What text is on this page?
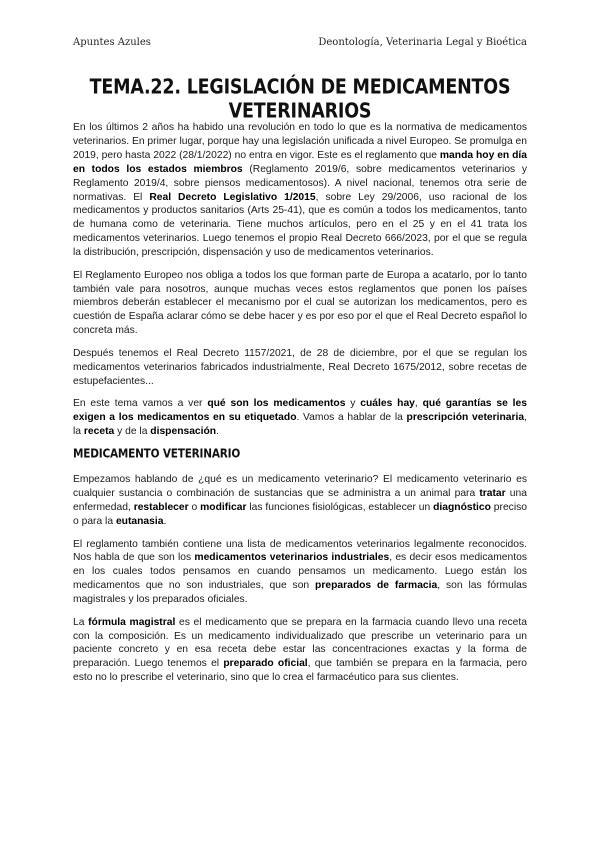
Apuntes Azules	Deontología, Veterinaria Legal y Bioética
TEMA.22. LEGISLACIÓN DE MEDICAMENTOS VETERINARIOS

En los últimos 2 años ha habido una revolución en todo lo que es la normativa de medicamentos veterinarios. En primer lugar, porque hay una legislación unificada a nivel Europeo. Se promulga en 2019, pero hasta 2022 (28/1/2022) no entra en vigor. Este es el reglamento que manda hoy en día en todos los estados miembros (Reglamento 2019/6, sobre medicamentos veterinarios y Reglamento 2019/4, sobre piensos medicamentosos). A nivel nacional, tenemos otra serie de normativas. El Real Decreto Legislativo 1/2015, sobre Ley 29/2006, uso racional de los medicamentos y productos sanitarios (Arts 25-41), que es común a todos los medicamentos, tanto de humana como de veterinaria. Tiene muchos artículos, pero en el 25 y en el 41 trata los medicamentos veterinarios. Luego tenemos el propio Real Decreto 666/2023, por el que se regula la distribución, prescripción, dispensación y uso de medicamentos veterinarios.

El Reglamento Europeo nos obliga a todos los que forman parte de Europa a acatarlo, por lo tanto también vale para nosotros, aunque muchas veces estos reglamentos que ponen los países miembros deberán establecer el mecanismo por el cual se autorizan los medicamentos, pero es cuestión de España aclarar cómo se debe hacer y es por eso por el que el Real Decreto español lo concreta más.

Después tenemos el Real Decreto 1157/2021, de 28 de diciembre, por el que se regulan los medicamentos veterinarios fabricados industrialmente, Real Decreto 1675/2012, sobre recetas de estupefacientes...

En este tema vamos a ver qué son los medicamentos y cuáles hay, qué garantías se les exigen a los medicamentos en su etiquetado. Vamos a hablar de la prescripción veterinaria, la receta y de la dispensación.

MEDICAMENTO VETERINARIO

Empezamos hablando de ¿qué es un medicamento veterinario? El medicamento veterinario es cualquier sustancia o combinación de sustancias que se administra a un animal para tratar una enfermedad, restablecer o modificar las funciones fisiológicas, establecer un diagnóstico preciso o para la eutanasia.

El reglamento también contiene una lista de medicamentos veterinarios legalmente reconocidos. Nos habla de que son los medicamentos veterinarios industriales, es decir esos medicamentos en los cuales todos pensamos en cuando pensamos un medicamento. Luego están los medicamentos que no son industriales, que son preparados de farmacia, son las fórmulas magistrales y los preparados oficiales.

La fórmula magistral es el medicamento que se prepara en la farmacia cuando llevo una receta con la composición. Es un medicamento individualizado que prescribe un veterinario para un paciente concreto y en esa receta debe estar las concentraciones exactas y la forma de preparación. Luego tenemos el preparado oficial, que también se prepara en la farmacia, pero esto no lo prescribe el veterinario, sino que lo crea el farmacéutico para sus clientes.
